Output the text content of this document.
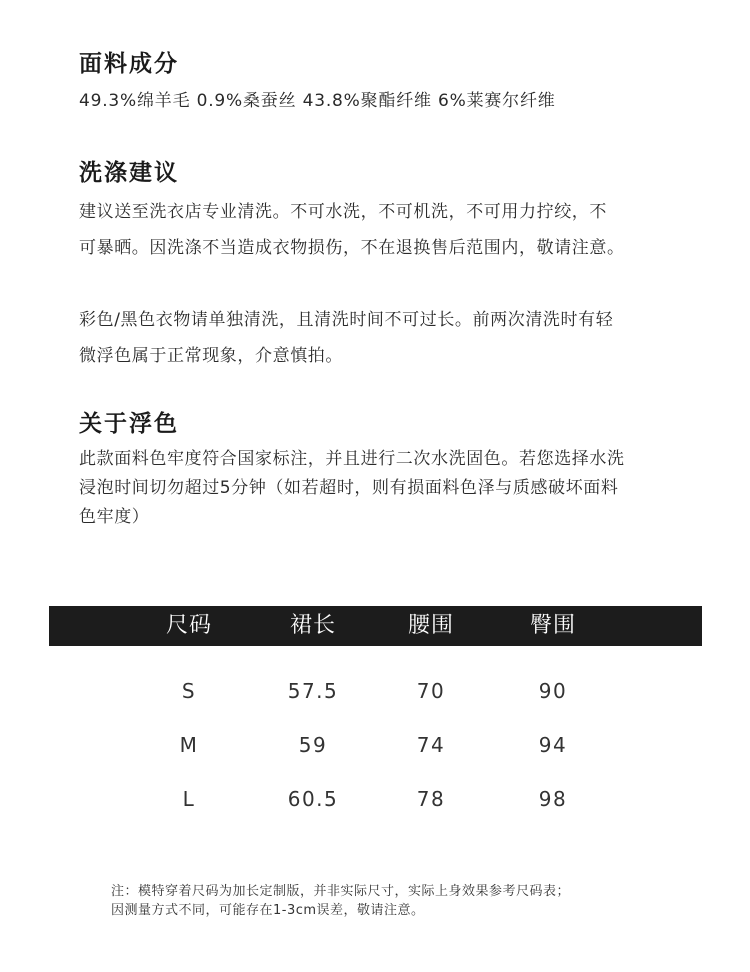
面料成分
49.3%绵羊毛 0.9%桑蚕丝 43.8%聚酯纤维 6%莱赛尔纤维
洗涤建议
建议送至洗衣店专业清洗。不可水洗，不可机洗，不可用力拧绞，不
可暴晒。因洗涤不当造成衣物损伤，不在退换售后范围内，敬请注意。
彩色/黑色衣物请单独清洗，且清洗时间不可过长。前两次清洗时有轻
微浮色属于正常现象，介意慎拍。
关于浮色
此款面料色牢度符合国家标注，并且进行二次水洗固色。若您选择水洗
浸泡时间切勿超过5分钟（如若超时，则有损面料色泽与质感破坏面料
色牢度）
尺码	裙长	腰围	臀围
S	57.5	70	90
M	59	74	94
L	60.5	78	98
注：模特穿着尺码为加长定制版，并非实际尺寸，实际上身效果参考尺码表；
因测量方式不同，可能存在1-3cm误差，敬请注意。
